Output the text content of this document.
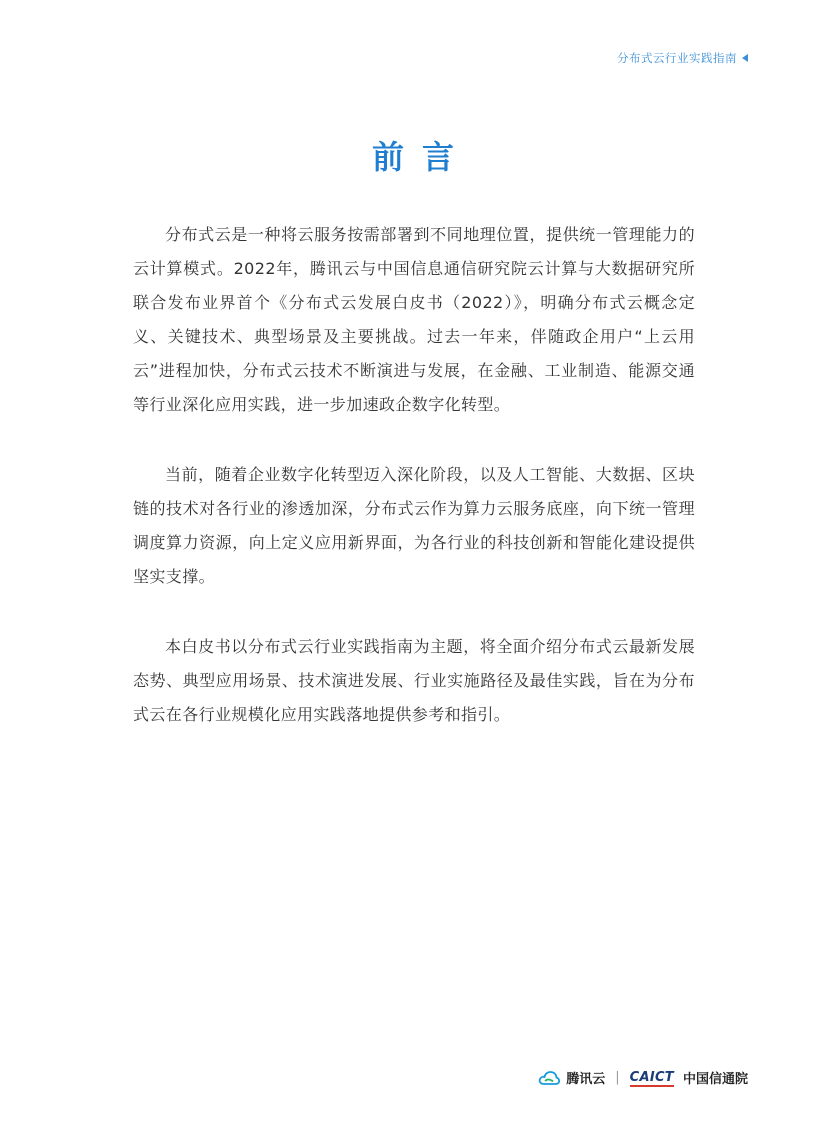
分布式云行业实践指南
前言

分布式云是一种将云服务按需部署到不同地理位置，提供统一管理能力的云计算模式。2022年，腾讯云与中国信息通信研究院云计算与大数据研究所联合发布业界首个《分布式云发展白皮书（2022）》，明确分布式云概念定义、关键技术、典型场景及主要挑战。过去一年来，伴随政企用户“上云用云”进程加快，分布式云技术不断演进与发展，在金融、工业制造、能源交通等行业深化应用实践，进一步加速政企数字化转型。

当前，随着企业数字化转型迈入深化阶段，以及人工智能、大数据、区块链的技术对各行业的渗透加深，分布式云作为算力云服务底座，向下统一管理调度算力资源，向上定义应用新界面，为各行业的科技创新和智能化建设提供坚实支撑。

本白皮书以分布式云行业实践指南为主题，将全面介绍分布式云最新发展态势、典型应用场景、技术演进发展、行业实施路径及最佳实践，旨在为分布式云在各行业规模化应用实践落地提供参考和指引。

腾讯云 | CAICT 中国信通院
